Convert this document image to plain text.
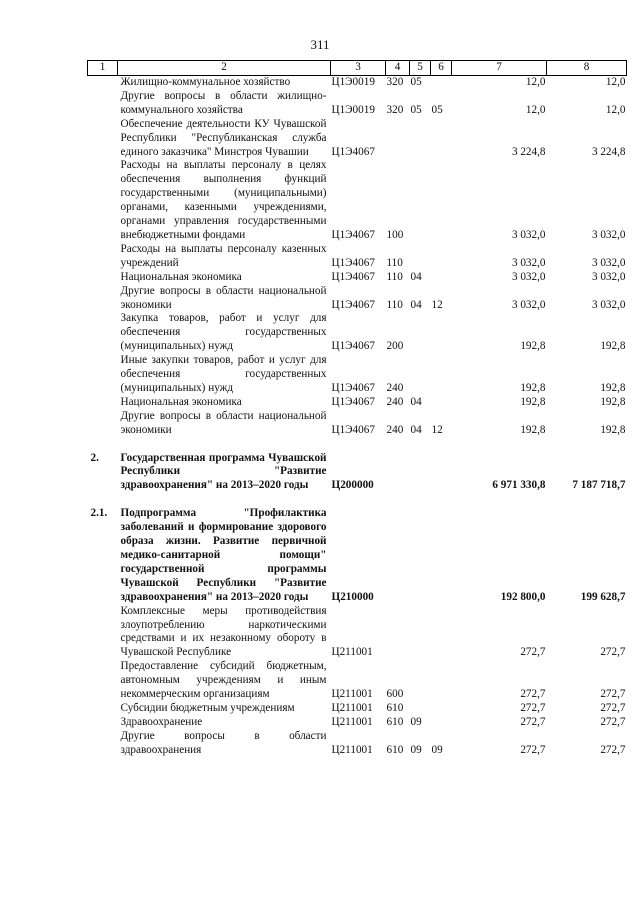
311
1	2	3	4	5	6	7	8
	Жилищно-коммунальное хозяйство	Ц1Э0019	320	05		12,0	12,0
	Другие вопросы в области жилищно-коммунального хозяйства	Ц1Э0019	320	05	05	12,0	12,0
	Обеспечение деятельности КУ Чувашской Республики "Республиканская служба единого заказчика" Минстроя Чувашии	Ц1Э4067				3 224,8	3 224,8
	Расходы на выплаты персоналу в целях обеспечения выполнения функций государственными (муниципальными) органами, казенными учреждениями, органами управления государственными внебюджетными фондами	Ц1Э4067	100			3 032,0	3 032,0
	Расходы на выплаты персоналу казенных учреждений	Ц1Э4067	110			3 032,0	3 032,0
	Национальная экономика	Ц1Э4067	110	04		3 032,0	3 032,0
	Другие вопросы в области национальной экономики	Ц1Э4067	110	04	12	3 032,0	3 032,0
	Закупка товаров, работ и услуг для обеспечения государственных (муниципальных) нужд	Ц1Э4067	200			192,8	192,8
	Иные закупки товаров, работ и услуг для обеспечения государственных (муниципальных) нужд	Ц1Э4067	240			192,8	192,8
	Национальная экономика	Ц1Э4067	240	04		192,8	192,8
	Другие вопросы в области национальной экономики	Ц1Э4067	240	04	12	192,8	192,8

2.	Государственная программа Чувашской Республики "Развитие здравоохранения" на 2013–2020 годы	Ц200000				6 971 330,8	7 187 718,7

2.1.	Подпрограмма "Профилактика заболеваний и формирование здорового образа жизни. Развитие первичной медико-санитарной помощи" государственной программы Чувашской Республики "Развитие здравоохранения" на 2013–2020 годы	Ц210000				192 800,0	199 628,7
	Комплексные меры противодействия злоупотреблению наркотическими средствами и их незаконному обороту в Чувашской Республике	Ц211001				272,7	272,7
	Предоставление субсидий бюджетным, автономным учреждениям и иным некоммерческим организациям	Ц211001	600			272,7	272,7
	Субсидии бюджетным учреждениям	Ц211001	610			272,7	272,7
	Здравоохранение	Ц211001	610	09		272,7	272,7
	Другие вопросы в области здравоохранения	Ц211001	610	09	09	272,7	272,7
